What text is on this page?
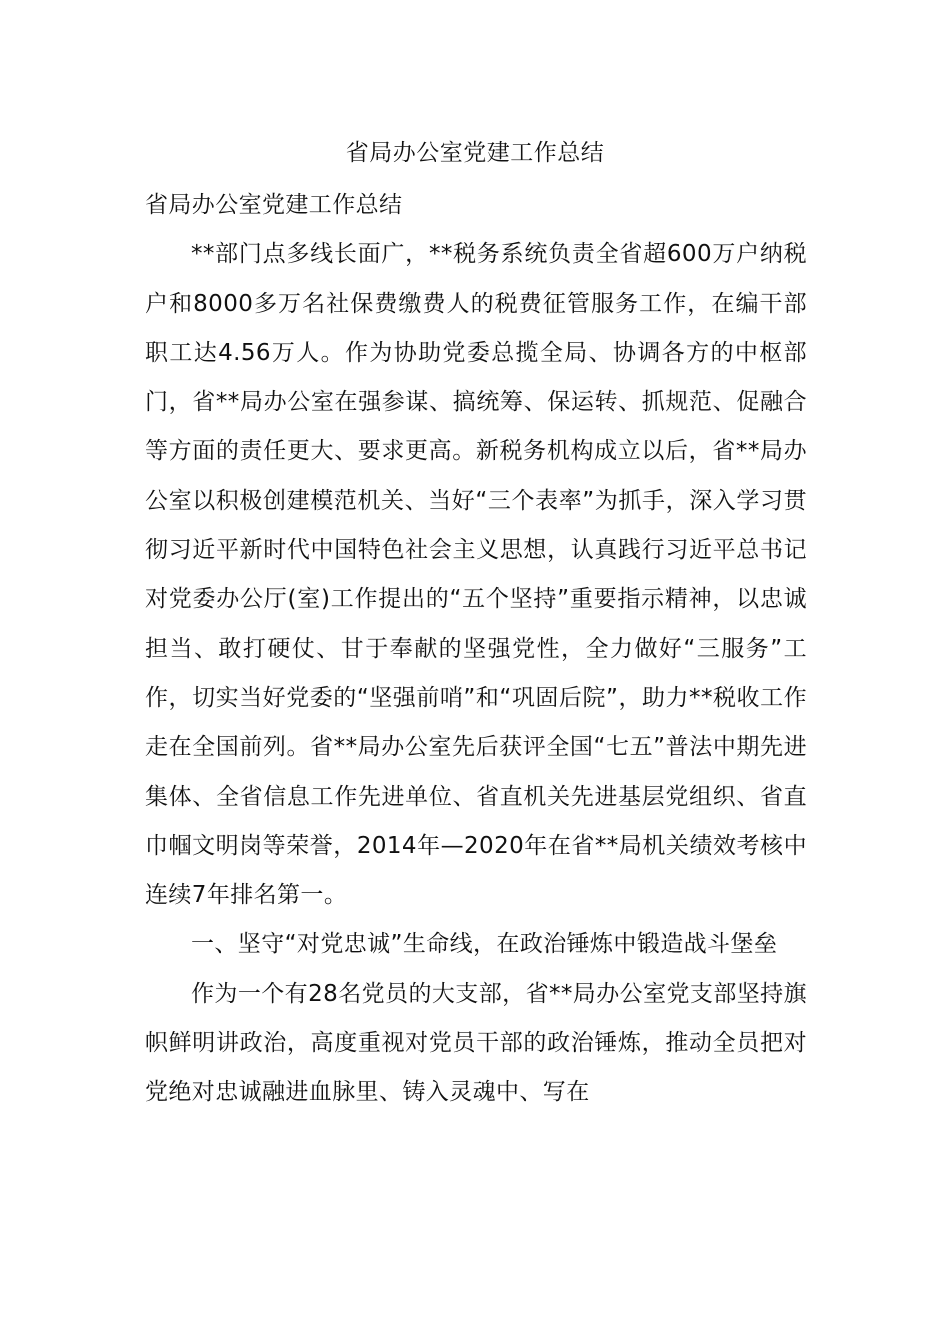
省局办公室党建工作总结

省局办公室党建工作总结

**部门点多线长面广，**税务系统负责全省超600万户纳税户和8000多万名社保费缴费人的税费征管服务工作，在编干部职工达4.56万人。作为协助党委总揽全局、协调各方的中枢部门，省**局办公室在强参谋、搞统筹、保运转、抓规范、促融合等方面的责任更大、要求更高。新税务机构成立以后，省**局办公室以积极创建模范机关、当好“三个表率”为抓手，深入学习贯彻习近平新时代中国特色社会主义思想，认真践行习近平总书记对党委办公厅(室)工作提出的“五个坚持”重要指示精神，以忠诚担当、敢打硬仗、甘于奉献的坚强党性，全力做好“三服务”工作，切实当好党委的“坚强前哨”和“巩固后院”，助力**税收工作走在全国前列。省**局办公室先后获评全国“七五”普法中期先进集体、全省信息工作先进单位、省直机关先进基层党组织、省直巾帼文明岗等荣誉，2014年—2020年在省**局机关绩效考核中连续7年排名第一。

一、坚守“对党忠诚”生命线，在政治锤炼中锻造战斗堡垒

作为一个有28名党员的大支部，省**局办公室党支部坚持旗帜鲜明讲政治，高度重视对党员干部的政治锤炼，推动全员把对党绝对忠诚融进血脉里、铸入灵魂中、写在
